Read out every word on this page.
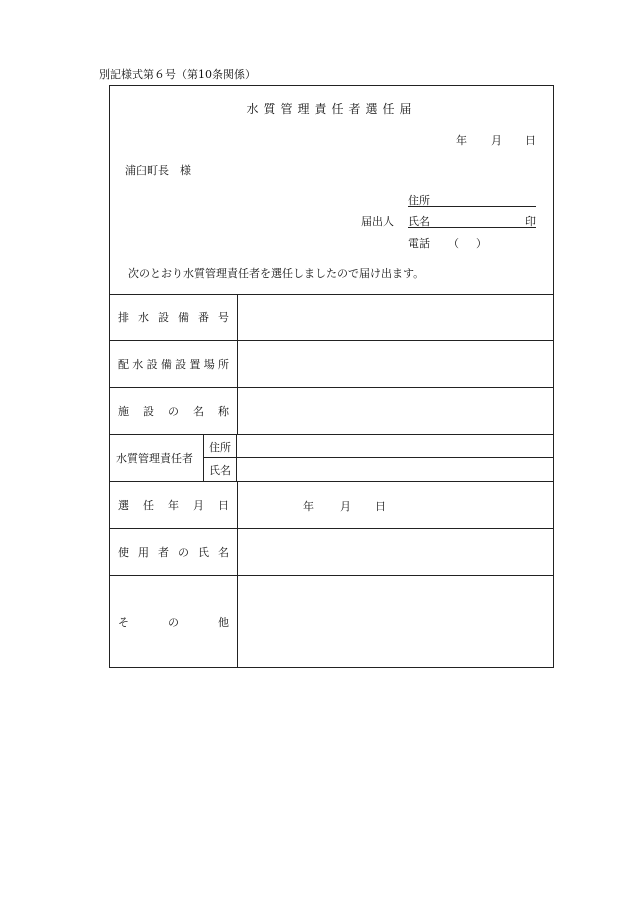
別記様式第６号（第10条関係）
水質管理責任者選任届
年 月 日
浦臼町長　様
住所
届出人 氏名	印
電話 （ ）
次のとおり水質管理責任者を選任しましたので届け出ます。
排 水 設 備 番 号
配 水 設 備 設 置 場 所
施 設 の 名 称
水質管理責任者
住所
氏名
選 任 年 月 日	年 月 日
使 用 者 の 氏 名
そ	の	他
